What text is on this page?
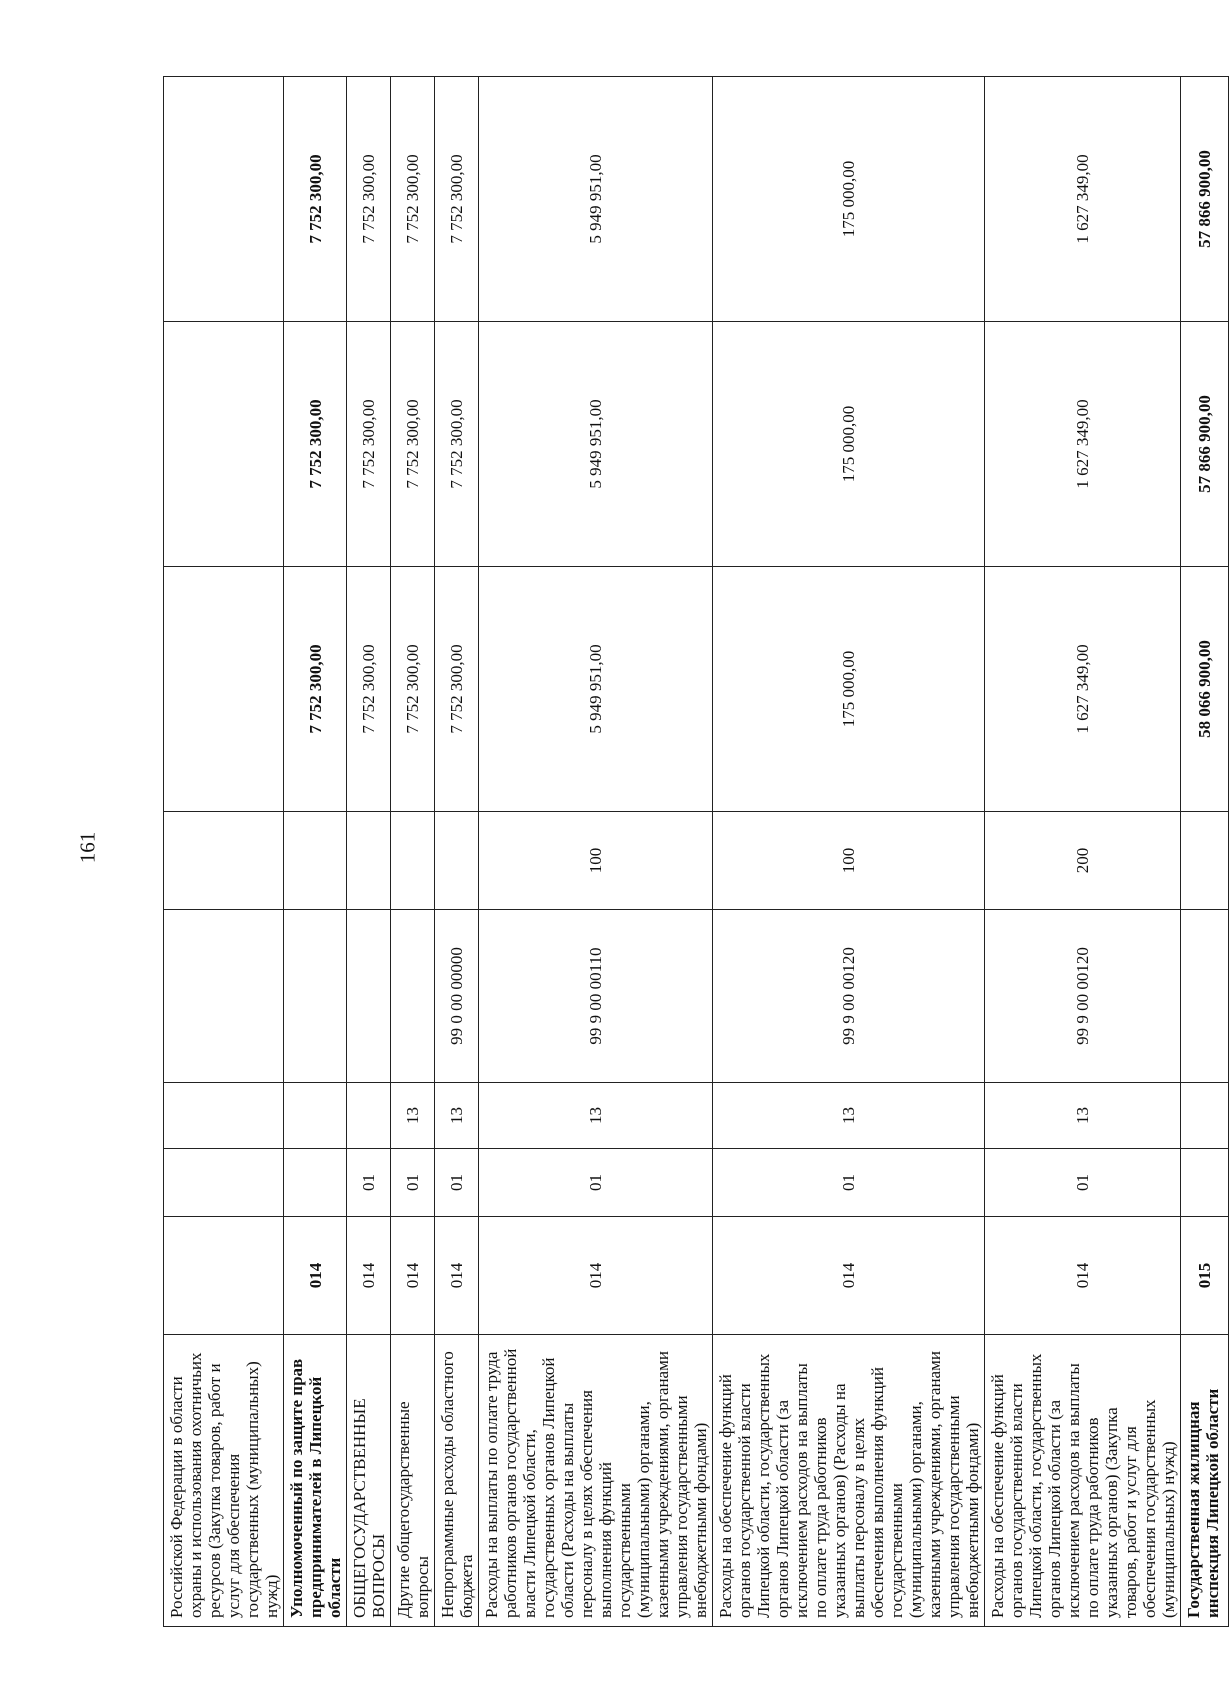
161
Российской Федерации в области охраны и использования охотничьих ресурсов (Закупка товаров, работ и услуг для обеспечения государственных (муниципальных) нужд)								
Уполномоченный по защите прав предпринимателей в Липецкой области	014					7 752 300,00	7 752 300,00	7 752 300,00
ОБЩЕГОСУДАРСТВЕННЫЕ ВОПРОСЫ	014	01				7 752 300,00	7 752 300,00	7 752 300,00
Другие общегосударственные вопросы	014	01	13			7 752 300,00	7 752 300,00	7 752 300,00
Непрограммные расходы областного бюджета	014	01	13	99 0 00 00000		7 752 300,00	7 752 300,00	7 752 300,00
Расходы на выплаты по оплате труда работников органов государственной власти Липецкой области, государственных органов Липецкой области (Расходы на выплаты персоналу в целях обеспечения выполнения функций государственными (муниципальными) органами, казенными учреждениями, органами управления государственными внебюджетными фондами)	014	01	13	99 9 00 00110	100	5 949 951,00	5 949 951,00	5 949 951,00
Расходы на обеспечение функций органов государственной власти Липецкой области, государственных органов Липецкой области (за исключением расходов на выплаты по оплате труда работников указанных органов) (Расходы на выплаты персоналу в целях обеспечения выполнения функций государственными (муниципальными) органами, казенными учреждениями, органами управления государственными внебюджетными фондами)	014	01	13	99 9 00 00120	100	175 000,00	175 000,00	175 000,00
Расходы на обеспечение функций органов государственной власти Липецкой области, государственных органов Липецкой области (за исключением расходов на выплаты по оплате труда работников указанных органов) (Закупка товаров, работ и услуг для обеспечения государственных (муниципальных) нужд)	014	01	13	99 9 00 00120	200	1 627 349,00	1 627 349,00	1 627 349,00
Государственная жилищная инспекция Липецкой области	015					58 066 900,00	57 866 900,00	57 866 900,00
